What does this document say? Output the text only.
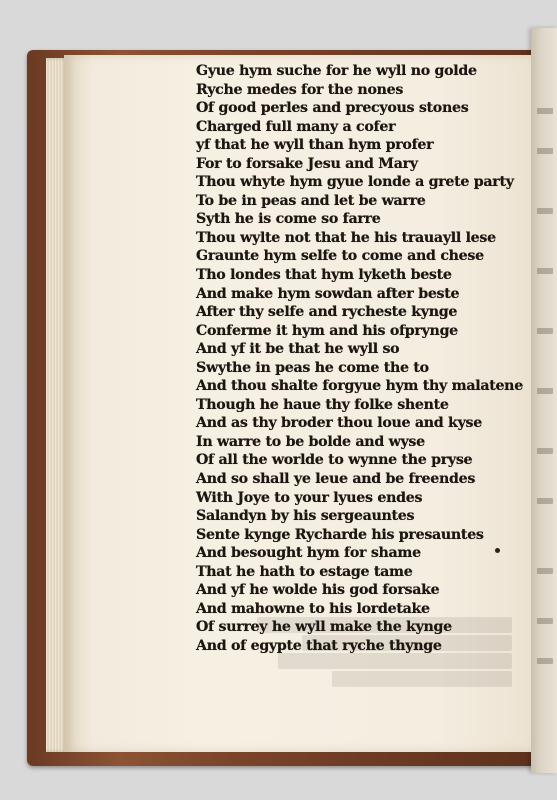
Gyue hym suche for he wyll no golde
Ryche medes for the nones
Of good perles and precyous stones
Charged full many a cofer
yf that he wyll than hym profer
For to forsake Jesu and Mary
Thou whyte hym gyue londe a grete party
To be in peas and let be warre
Syth he is come so farre
Thou wylte not that he his trauayll lese
Graunte hym selfe to come and chese
Tho londes that hym lyketh beste
And make hym sowdan after beste
After thy selfe and rycheste kynge
Conferme it hym and his ofprynge
And yf it be that he wyll so
Swythe in peas he come the to
And thou shalte forgyue hym thy malatene
Though he haue thy folke shente
And as thy broder thou loue and kyse
In warre to be bolde and wyse
Of all the worlde to wynne the pryse
And so shall ye leue and be freendes
With Joye to your lyues endes
Salandyn by his sergeauntes
Sente kynge Rycharde his presauntes
And besought hym for shame
That he hath to estage tame
And yf he wolde his god forsake
And mahowne to his lordetake
Of surrey he wyll make the kynge
And of egypte that ryche thynge
